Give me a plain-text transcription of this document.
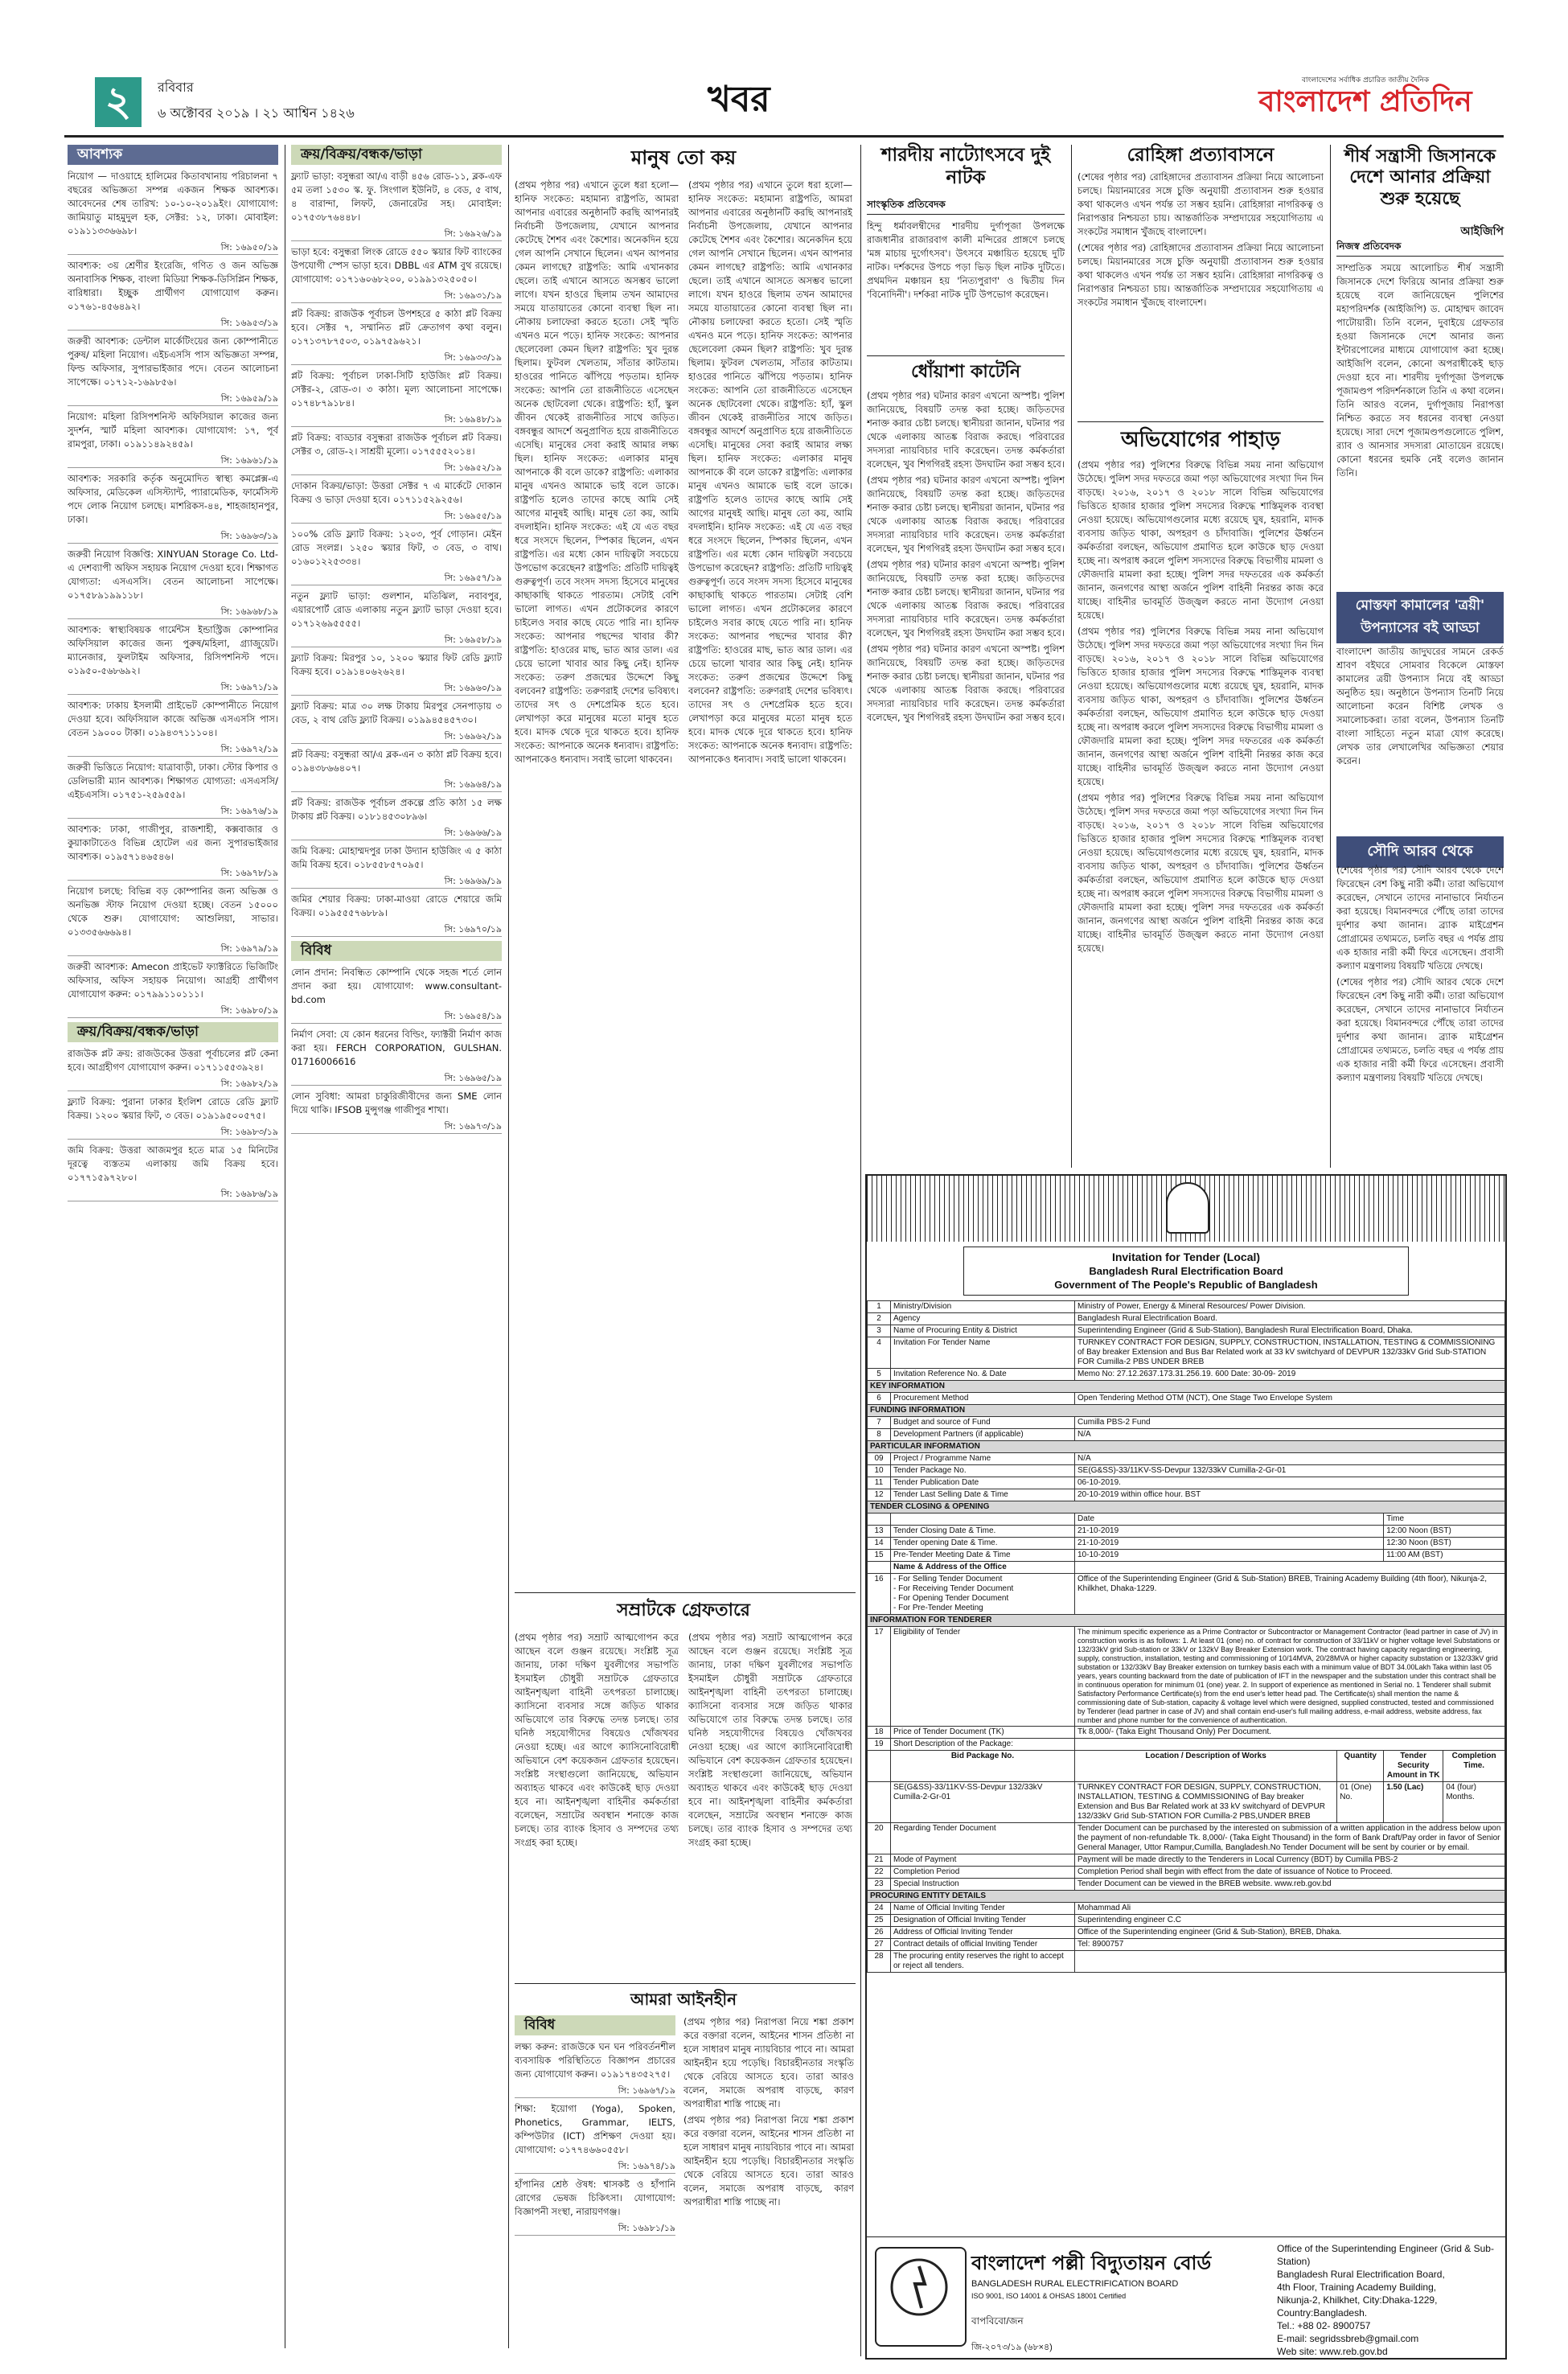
২	রবিবার
৬ অক্টোবর ২০১৯ । ২১ আশ্বিন ১৪২৬	খবর	বাংলাদেশের সর্বাধিক প্রচারিত জাতীয় দৈনিক
বাংলাদেশ প্রতিদিন
আবশ্যক

নিয়োগ — দাওয়াহে হালিমের কিতাবখানায় পরিচালনা ৭ বছরের অভিজ্ঞতা সম্পন্ন একজন শিক্ষক আবশ্যক। আবেদনের শেষ তারিখ: ১০-১০-২০১৯ইং। যোগাযোগ: জামিয়াতু মাহমুদুল হক, সেক্টর: ১২, ঢাকা। মোবাইল: ০১৯১১৩৩৬৬৯৮।

সি: ১৬৯৫০/১৯

আবশ্যক: ৩য় শ্রেণীর ইংরেজি, গণিত ও জন অভিজ্ঞ অনাবাসিক শিক্ষক, বাংলা মিডিয়া শিক্ষক-ডিসিপ্লিন শিক্ষক, বারিধারা। ইচ্ছুক প্রার্থীগণ যোগাযোগ করুন। ০১৭৬১-৪৫৬৪৯২।

সি: ১৬৯৫৩/১৯

জরুরী আবশ্যক: ডেন্টাল মার্কেটিংয়ের জন্য কোম্পানীতে পুরুষ/ মহিলা নিয়োগ। এইচএসসি পাস অভিজ্ঞতা সম্পন্ন, ফিল্ড অফিসার, সুপারভাইজার পদে। বেতন আলোচনা সাপেক্ষে। ০১৭১২-১৬৯৮৫৬।

সি: ১৬৯৫৯/১৯

নিয়োগ: মহিলা রিসিপশনিস্ট অফিসিয়াল কাজের জন্য সুদর্শন, স্মার্ট মহিলা আবশ্যক। যোগাযোগ: ১৭, পূর্ব রামপুরা, ঢাকা। ০১৯১১৪৯২৪৫৯।

সি: ১৬৯৬১/১৯

আবশ্যক: সরকারি কর্তৃক অনুমোদিত স্বাস্থ্য কমপ্লেক্স-এ অফিসার, মেডিকেল এসিস্ট্যান্ট, প্যারামেডিক, ফার্মেসিস্ট পদে লোক নিয়োগ চলছে। মাশরিকস-৪৪, শাহজাহানপুর, ঢাকা।

সি: ১৬৯৬৩/১৯

জরুরী নিয়োগ বিজ্ঞপ্তি: XINYUAN Storage Co. Ltd-এ দেশব্যাপী অফিস সহায়ক নিয়োগ দেওয়া হবে। শিক্ষাগত যোগ্যতা: এসএসসি। বেতন আলোচনা সাপেক্ষে। ০১৭৫৮৯১৯৯১১৮।

সি: ১৬৯৬৮/১৯

আবশ্যক: স্বাস্থ্যবিষয়ক গার্মেন্টস ইন্ডাস্ট্রিজ কোম্পানির অফিসিয়াল কাজের জন্য পুরুষ/মহিলা, গ্র্যাজুয়েট। ম্যানেজার, ফুলটাইম অফিসার, রিসিপশনিস্ট পদে। ০১৯৫০-৫৬৮৬৯২।

সি: ১৬৯৭১/১৯

আবশ্যক: ঢাকায় ইসলামী প্রাইভেট কোম্পানীতে নিয়োগ দেওয়া হবে। অফিসিয়াল কাজে অভিজ্ঞ এসএসসি পাস। বেতন ১৯০০০ টাকা। ০১৯৪৩৭১১১০৪।

সি: ১৬৯৭২/১৯

জরুরী ভিত্তিতে নিয়োগ: যাত্রাবাড়ী, ঢাকা। স্টোর কিপার ও ডেলিভারী ম্যান আবশ্যক। শিক্ষাগত যোগ্যতা: এসএসসি/এইচএসসি। ০১৭৫১-২৫৯৫৫৯।

সি: ১৬৯৭৬/১৯

আবশ্যক: ঢাকা, গাজীপুর, রাজশাহী, কক্সবাজার ও কুয়াকাটাতেও বিভিন্ন হোটেল এর জন্য সুপারভাইজার আবশ্যক। ০১৯৫৭১৪৬৫৪৬।

সি: ১৬৯৭৮/১৯

নিয়োগ চলছে: বিভিন্ন বড় কোম্পানির জন্য অভিজ্ঞ ও অনভিজ্ঞ স্টাফ নিয়োগ দেওয়া হচ্ছে। বেতন ১৫০০০ থেকে শুরু। যোগাযোগ: আশুলিয়া, সাভার। ০১৩৩৫৬৬৬৯৪।

সি: ১৬৯৭৯/১৯

জরুরী আবশ্যক: Amecon প্রাইভেট ফ্যাক্টরিতে ভিজিটিং অফিসার, অফিস সহায়ক নিয়োগ। আগ্রহী প্রার্থীগণ যোগাযোগ করুন: ০১৭৯৯১১০১১১।

সি: ১৬৯৮০/১৯
ক্রয়/বিক্রয়/বন্ধক/ভাড়া

রাজউক প্লট ক্রয়: রাজউকের উত্তরা পূর্বাচলের প্লট কেনা হবে। আগ্রহীগণ যোগাযোগ করুন। ০১৭১১৫৫৩৯২৪।

সি: ১৬৯৮২/১৯

ফ্ল্যাট বিক্রয়: পুরানা ঢাকার ইংলিশ রোডে রেডি ফ্ল্যাট বিক্রয়। ১২০০ স্কয়ার ফিট, ৩ বেড। ০১৯১৯৫০০৫৭৫।

সি: ১৬৯৮৩/১৯

জমি বিক্রয়: উত্তরা আজমপুর হতে মাত্র ১৫ মিনিটের দূরত্বে ব্যস্ততম এলাকায় জমি বিক্রয় হবে। ০১৭৭১৫৯৭২৮০।

সি: ১৬৯৮৬/১৯
ক্রয়/বিক্রয়/বন্ধক/ভাড়া

ফ্ল্যাট ভাড়া: বসুন্ধরা আ/এ বাড়ী ৪৫৬ রোড-১১, ব্লক-এফ ৫ম তলা ১৫৩০ স্ক. ফু. সিংগাল ইউনিট, ৪ বেড, ৫ বাথ, ৪ বারান্দা, লিফট, জেনারেটর সহ। মোবাইল: ০১৭৫৩৮৭৬৪৪৮।

সি: ১৬৯২৬/১৯

ভাড়া হবে: বসুন্ধরা লিংক রোডে ৫৫০ স্কয়ার ফিট ব্যাংকের উপযোগী স্পেস ভাড়া হবে। DBBL এর ATM বুথ রয়েছে। যোগাযোগ: ০১৭১৬০৬৮২০০, ০১৯৯১৩২৫০৫০।

সি: ১৬৯৩১/১৯

প্লট বিক্রয়: রাজউক পূর্বাচল উপশহরে ৫ কাঠা প্লট বিক্রয় হবে। সেক্টর ৭, সম্মানিত প্লট ক্রেতাগণ কথা বলুন। ০১৭১৩৭৮৭৫০৩, ০১৯৭৫৯৬২১।

সি: ১৬৯৩৩/১৯

প্লট বিক্রয়: পূর্বাচল ঢাকা-সিটি হাউজিং প্লট বিক্রয়। সেক্টর-২, রোড-৩। ৩ কাঠা। মূল্য আলোচনা সাপেক্ষে। ০১৭৪৮৭৯১৮৪।

সি: ১৬৯৪৮/১৯

প্লট বিক্রয়: বাড্ডার বসুন্ধরা রাজউক পূর্বাচল প্লট বিক্রয়। সেক্টর ৩, রোড-২। সাশ্রয়ী মূল্যে। ০১৭৫৫৫২০১৪।

সি: ১৬৯৫২/১৯

দোকান বিক্রয়/ভাড়া: উত্তরা সেক্টর ৭ এ মার্কেটে দোকান বিক্রয় ও ভাড়া দেওয়া হবে। ০১৭১১৫২৯২৫৬।

সি: ১৬৯৫৫/১৯

১০০% রেডি ফ্ল্যাট বিক্রয়: ১২০৩, পূর্ব গোড়ান। মেইন রোড সংলগ্ন। ১২৫০ স্কয়ার ফিট, ৩ বেড, ৩ বাথ। ০১৬০১২২৫৩৩৪।

সি: ১৬৯৫৭/১৯

নতুন ফ্ল্যাট ভাড়া: গুলশান, মতিঝিল, নবাবপুর, এয়ারপোর্ট রোড এলাকায় নতুন ফ্ল্যাট ভাড়া দেওয়া হবে। ০১৭১২৬৯৫৫৫৫।

সি: ১৬৯৫৮/১৯

ফ্ল্যাট বিক্রয়: মিরপুর ১০, ১২০০ স্কয়ার ফিট রেডি ফ্ল্যাট বিক্রয় হবে। ০১৯১৪০৬২৬২৪।

সি: ১৬৯৬০/১৯

ফ্ল্যাট বিক্রয়: মাত্র ৩০ লক্ষ টাকায় মিরপুর সেনপাড়ায় ৩ বেড, ২ বাথ রেডি ফ্ল্যাট বিক্রয়। ০১৯৯৪৫৪৫৭৩০।

সি: ১৬৯৬২/১৯

প্লট বিক্রয়: বসুন্ধরা আ/এ ব্লক-এন ৩ কাঠা প্লট বিক্রয় হবে। ০১৯৪৩৮৬৬৪০৭।

সি: ১৬৯৬৪/১৯

প্লট বিক্রয়: রাজউক পূর্বাচল প্রকল্পে প্রতি কাঠা ১৫ লক্ষ টাকায় প্লট বিক্রয়। ০১৮১৪৫৩০৮৯৬।

সি: ১৬৯৬৬/১৯

জমি বিক্রয়: মোহাম্মদপুর ঢাকা উদ্যান হাউজিং এ ৫ কাঠা জমি বিক্রয় হবে। ০১৮৫৫৮৫৭০৯৫।

সি: ১৬৯৬৯/১৯

জমির শেয়ার বিক্রয়: ঢাকা-মাওয়া রোডে শেয়ারে জমি বিক্রয়। ০১৯৫৫৫৭৬৮৮৯।

সি: ১৬৯৭০/১৯
বিবিধ

লোন প্রদান: নিবন্ধিত কোম্পানি থেকে সহজ শর্তে লোন প্রদান করা হয়। যোগাযোগ: www.consultant-bd.com

সি: ১৬৯৫৪/১৯

নির্মাণ সেবা: যে কোন ধরনের বিল্ডিং, ফ্যাক্টরী নির্মাণ কাজ করা হয়। FERCH CORPORATION, GULSHAN. 01716006616

সি: ১৬৯৬৫/১৯

লোন সুবিধা: আমরা চাকুরিজীবীদের জন্য SME লোন দিয়ে থাকি। IFSOB মুন্সুগঞ্জ গাজীপুর শাখা।

সি: ১৬৯৭৩/১৯
মানুষ তো কয়

(প্রথম পৃষ্ঠার পর) এখানে তুলে ধরা হলো— হানিফ সংকেত: মহামান্য রাষ্ট্রপতি, আমরা আপনার এবারের অনুষ্ঠানটি করছি আপনারই নির্বাচনী উপজেলায়, যেখানে আপনার কেটেছে শৈশব এবং কৈশোর। অনেকদিন হয়ে গেল আপনি সেখানে ছিলেন। এখন আপনার কেমন লাগছে? রাষ্ট্রপতি: আমি এখানকার ছেলে। তাই এখানে আসতে অসম্ভব ভালো লাগে। যখন হাওরে ছিলাম তখন আমাদের সময়ে যাতায়াতের কোনো ব্যবস্থা ছিল না। নৌকায় চলাফেরা করতে হতো। সেই স্মৃতি এখনও মনে পড়ে। হানিফ সংকেত: আপনার ছেলেবেলা কেমন ছিল? রাষ্ট্রপতি: খুব দুরন্ত ছিলাম। ফুটবল খেলতাম, সাঁতার কাটতাম। হাওরের পানিতে ঝাঁপিয়ে পড়তাম। হানিফ সংকেত: আপনি তো রাজনীতিতে এসেছেন অনেক ছোটবেলা থেকে। রাষ্ট্রপতি: হ্যাঁ, স্কুল জীবন থেকেই রাজনীতির সাথে জড়িত। বঙ্গবন্ধুর আদর্শে অনুপ্রাণিত হয়ে রাজনীতিতে এসেছি। মানুষের সেবা করাই আমার লক্ষ্য ছিল। হানিফ সংকেত: এলাকার মানুষ আপনাকে কী বলে ডাকে? রাষ্ট্রপতি: এলাকার মানুষ এখনও আমাকে ভাই বলে ডাকে। রাষ্ট্রপতি হলেও তাদের কাছে আমি সেই আগের মানুষই আছি। মানুষ তো কয়, আমি বদলাইনি। হানিফ সংকেত: এই যে এত বছর ধরে সংসদে ছিলেন, স্পিকার ছিলেন, এখন রাষ্ট্রপতি। এর মধ্যে কোন দায়িত্বটা সবচেয়ে উপভোগ করেছেন? রাষ্ট্রপতি: প্রতিটি দায়িত্বই গুরুত্বপূর্ণ। তবে সংসদ সদস্য হিসেবে মানুষের কাছাকাছি থাকতে পারতাম। সেটাই বেশি ভালো লাগত। এখন প্রটোকলের কারণে চাইলেও সবার কাছে যেতে পারি না। হানিফ সংকেত: আপনার পছন্দের খাবার কী? রাষ্ট্রপতি: হাওরের মাছ, ভাত আর ডাল। এর চেয়ে ভালো খাবার আর কিছু নেই। হানিফ সংকেত: তরুণ প্রজন্মের উদ্দেশে কিছু বলবেন? রাষ্ট্রপতি: তরুণরাই দেশের ভবিষ্যৎ। তাদের সৎ ও দেশপ্রেমিক হতে হবে। লেখাপড়া করে মানুষের মতো মানুষ হতে হবে। মাদক থেকে দূরে থাকতে হবে। হানিফ সংকেত: আপনাকে অনেক ধন্যবাদ। রাষ্ট্রপতি: আপনাকেও ধন্যবাদ। সবাই ভালো থাকবেন।

(প্রথম পৃষ্ঠার পর) এখানে তুলে ধরা হলো— হানিফ সংকেত: মহামান্য রাষ্ট্রপতি, আমরা আপনার এবারের অনুষ্ঠানটি করছি আপনারই নির্বাচনী উপজেলায়, যেখানে আপনার কেটেছে শৈশব এবং কৈশোর। অনেকদিন হয়ে গেল আপনি সেখানে ছিলেন। এখন আপনার কেমন লাগছে? রাষ্ট্রপতি: আমি এখানকার ছেলে। তাই এখানে আসতে অসম্ভব ভালো লাগে। যখন হাওরে ছিলাম তখন আমাদের সময়ে যাতায়াতের কোনো ব্যবস্থা ছিল না। নৌকায় চলাফেরা করতে হতো। সেই স্মৃতি এখনও মনে পড়ে। হানিফ সংকেত: আপনার ছেলেবেলা কেমন ছিল? রাষ্ট্রপতি: খুব দুরন্ত ছিলাম। ফুটবল খেলতাম, সাঁতার কাটতাম। হাওরের পানিতে ঝাঁপিয়ে পড়তাম। হানিফ সংকেত: আপনি তো রাজনীতিতে এসেছেন অনেক ছোটবেলা থেকে। রাষ্ট্রপতি: হ্যাঁ, স্কুল জীবন থেকেই রাজনীতির সাথে জড়িত। বঙ্গবন্ধুর আদর্শে অনুপ্রাণিত হয়ে রাজনীতিতে এসেছি। মানুষের সেবা করাই আমার লক্ষ্য ছিল। হানিফ সংকেত: এলাকার মানুষ আপনাকে কী বলে ডাকে? রাষ্ট্রপতি: এলাকার মানুষ এখনও আমাকে ভাই বলে ডাকে। রাষ্ট্রপতি হলেও তাদের কাছে আমি সেই আগের মানুষই আছি। মানুষ তো কয়, আমি বদলাইনি। হানিফ সংকেত: এই যে এত বছর ধরে সংসদে ছিলেন, স্পিকার ছিলেন, এখন রাষ্ট্রপতি। এর মধ্যে কোন দায়িত্বটা সবচেয়ে উপভোগ করেছেন? রাষ্ট্রপতি: প্রতিটি দায়িত্বই গুরুত্বপূর্ণ। তবে সংসদ সদস্য হিসেবে মানুষের কাছাকাছি থাকতে পারতাম। সেটাই বেশি ভালো লাগত। এখন প্রটোকলের কারণে চাইলেও সবার কাছে যেতে পারি না। হানিফ সংকেত: আপনার পছন্দের খাবার কী? রাষ্ট্রপতি: হাওরের মাছ, ভাত আর ডাল। এর চেয়ে ভালো খাবার আর কিছু নেই। হানিফ সংকেত: তরুণ প্রজন্মের উদ্দেশে কিছু বলবেন? রাষ্ট্রপতি: তরুণরাই দেশের ভবিষ্যৎ। তাদের সৎ ও দেশপ্রেমিক হতে হবে। লেখাপড়া করে মানুষের মতো মানুষ হতে হবে। মাদক থেকে দূরে থাকতে হবে। হানিফ সংকেত: আপনাকে অনেক ধন্যবাদ। রাষ্ট্রপতি: আপনাকেও ধন্যবাদ। সবাই ভালো থাকবেন।

সম্রাটকে গ্রেফতারে

(প্রথম পৃষ্ঠার পর) সম্রাট আত্মগোপন করে আছেন বলে গুঞ্জন রয়েছে। সংশ্লিষ্ট সূত্র জানায়, ঢাকা দক্ষিণ যুবলীগের সভাপতি ইসমাইল চৌধুরী সম্রাটকে গ্রেফতারে আইনশৃঙ্খলা বাহিনী তৎপরতা চালাচ্ছে। ক্যাসিনো ব্যবসার সঙ্গে জড়িত থাকার অভিযোগে তার বিরুদ্ধে তদন্ত চলছে। তার ঘনিষ্ঠ সহযোগীদের বিষয়েও খোঁজখবর নেওয়া হচ্ছে। এর আগে ক্যাসিনোবিরোধী অভিযানে বেশ কয়েকজন গ্রেফতার হয়েছেন। সংশ্লিষ্ট সংস্থাগুলো জানিয়েছে, অভিযান অব্যাহত থাকবে এবং কাউকেই ছাড় দেওয়া হবে না। আইনশৃঙ্খলা বাহিনীর কর্মকর্তারা বলেছেন, সম্রাটের অবস্থান শনাক্তে কাজ চলছে। তার ব্যাংক হিসাব ও সম্পদের তথ্য সংগ্রহ করা হচ্ছে।

(প্রথম পৃষ্ঠার পর) সম্রাট আত্মগোপন করে আছেন বলে গুঞ্জন রয়েছে। সংশ্লিষ্ট সূত্র জানায়, ঢাকা দক্ষিণ যুবলীগের সভাপতি ইসমাইল চৌধুরী সম্রাটকে গ্রেফতারে আইনশৃঙ্খলা বাহিনী তৎপরতা চালাচ্ছে। ক্যাসিনো ব্যবসার সঙ্গে জড়িত থাকার অভিযোগে তার বিরুদ্ধে তদন্ত চলছে। তার ঘনিষ্ঠ সহযোগীদের বিষয়েও খোঁজখবর নেওয়া হচ্ছে। এর আগে ক্যাসিনোবিরোধী অভিযানে বেশ কয়েকজন গ্রেফতার হয়েছেন। সংশ্লিষ্ট সংস্থাগুলো জানিয়েছে, অভিযান অব্যাহত থাকবে এবং কাউকেই ছাড় দেওয়া হবে না। আইনশৃঙ্খলা বাহিনীর কর্মকর্তারা বলেছেন, সম্রাটের অবস্থান শনাক্তে কাজ চলছে। তার ব্যাংক হিসাব ও সম্পদের তথ্য সংগ্রহ করা হচ্ছে।

আমরা আইনহীন

(প্রথম পৃষ্ঠার পর) নিরাপত্তা নিয়ে শঙ্কা প্রকাশ করে বক্তারা বলেন, আইনের শাসন প্রতিষ্ঠা না হলে সাধারণ মানুষ ন্যায়বিচার পাবে না। আমরা আইনহীন হয়ে পড়েছি। বিচারহীনতার সংস্কৃতি থেকে বেরিয়ে আসতে হবে। তারা আরও বলেন, সমাজে অপরাধ বাড়ছে, কারণ অপরাধীরা শাস্তি পাচ্ছে না।

(প্রথম পৃষ্ঠার পর) নিরাপত্তা নিয়ে শঙ্কা প্রকাশ করে বক্তারা বলেন, আইনের শাসন প্রতিষ্ঠা না হলে সাধারণ মানুষ ন্যায়বিচার পাবে না। আমরা আইনহীন হয়ে পড়েছি। বিচারহীনতার সংস্কৃতি থেকে বেরিয়ে আসতে হবে। তারা আরও বলেন, সমাজে অপরাধ বাড়ছে, কারণ অপরাধীরা শাস্তি পাচ্ছে না।

বিবিধ

লক্ষ্য করুন: রাজউকে ঘন ঘন পরিবর্তনশীল ব্যবসায়িক পরিস্থিতিতে বিজ্ঞাপন প্রচারের জন্য যোগাযোগ করুন। ০১৯১৭৪৩৫২৭৫।

সি: ১৬৯৬৭/১৯

শিক্ষা: ইয়োগা (Yoga), Spoken, Phonetics, Grammar, IELTS, কম্পিউটার (ICT) প্রশিক্ষণ দেওয়া হয়। যোগাযোগ: ০১৭৭৪৬৬০৫৫৮।

সি: ১৬৯৭৪/১৯

হাঁপানির শ্রেষ্ঠ ঔষধ: শ্বাসকষ্ট ও হাঁপানি রোগের ভেষজ চিকিৎসা। যোগাযোগ: বিজ্ঞাপনী সংস্থা, নারায়ণগঞ্জ।

সি: ১৬৯৮১/১৯
শারদীয় নাট্যোৎসবে দুই নাটক
সাংস্কৃতিক প্রতিবেদক

হিন্দু ধর্মাবলম্বীদের শারদীয় দুর্গাপূজা উপলক্ষে রাজধানীর রাজারবাগ কালী মন্দিরের প্রাঙ্গণে চলছে 'মঙ্গ মাচায় দুর্গোৎসব'। উৎসবে মঞ্চায়িত হয়েছে দুটি নাটক। দর্শকদের উপচে পড়া ভিড় ছিল নাটক দুটিতে। প্রথমদিন মঞ্চায়ন হয় 'নিত্যপুরাণ' ও দ্বিতীয় দিন 'বিনোদিনী'। দর্শকরা নাটক দুটি উপভোগ করেছেন।

ধোঁয়াশা কাটেনি

(প্রথম পৃষ্ঠার পর) ঘটনার কারণ এখনো অস্পষ্ট। পুলিশ জানিয়েছে, বিষয়টি তদন্ত করা হচ্ছে। জড়িতদের শনাক্ত করার চেষ্টা চলছে। স্থানীয়রা জানান, ঘটনার পর থেকে এলাকায় আতঙ্ক বিরাজ করছে। পরিবারের সদস্যরা ন্যায়বিচার দাবি করেছেন। তদন্ত কর্মকর্তারা বলেছেন, খুব শিগগিরই রহস্য উদঘাটন করা সম্ভব হবে।

(প্রথম পৃষ্ঠার পর) ঘটনার কারণ এখনো অস্পষ্ট। পুলিশ জানিয়েছে, বিষয়টি তদন্ত করা হচ্ছে। জড়িতদের শনাক্ত করার চেষ্টা চলছে। স্থানীয়রা জানান, ঘটনার পর থেকে এলাকায় আতঙ্ক বিরাজ করছে। পরিবারের সদস্যরা ন্যায়বিচার দাবি করেছেন। তদন্ত কর্মকর্তারা বলেছেন, খুব শিগগিরই রহস্য উদঘাটন করা সম্ভব হবে।

(প্রথম পৃষ্ঠার পর) ঘটনার কারণ এখনো অস্পষ্ট। পুলিশ জানিয়েছে, বিষয়টি তদন্ত করা হচ্ছে। জড়িতদের শনাক্ত করার চেষ্টা চলছে। স্থানীয়রা জানান, ঘটনার পর থেকে এলাকায় আতঙ্ক বিরাজ করছে। পরিবারের সদস্যরা ন্যায়বিচার দাবি করেছেন। তদন্ত কর্মকর্তারা বলেছেন, খুব শিগগিরই রহস্য উদঘাটন করা সম্ভব হবে।

(প্রথম পৃষ্ঠার পর) ঘটনার কারণ এখনো অস্পষ্ট। পুলিশ জানিয়েছে, বিষয়টি তদন্ত করা হচ্ছে। জড়িতদের শনাক্ত করার চেষ্টা চলছে। স্থানীয়রা জানান, ঘটনার পর থেকে এলাকায় আতঙ্ক বিরাজ করছে। পরিবারের সদস্যরা ন্যায়বিচার দাবি করেছেন। তদন্ত কর্মকর্তারা বলেছেন, খুব শিগগিরই রহস্য উদঘাটন করা সম্ভব হবে।

রোহিঙ্গা প্রত্যাবাসনে

(শেষের পৃষ্ঠার পর) রোহিঙ্গাদের প্রত্যাবাসন প্রক্রিয়া নিয়ে আলোচনা চলছে। মিয়ানমারের সঙ্গে চুক্তি অনুযায়ী প্রত্যাবাসন শুরু হওয়ার কথা থাকলেও এখন পর্যন্ত তা সম্ভব হয়নি। রোহিঙ্গারা নাগরিকত্ব ও নিরাপত্তার নিশ্চয়তা চায়। আন্তর্জাতিক সম্প্রদায়ের সহযোগিতায় এ সংকটের সমাধান খুঁজছে বাংলাদেশ।

(শেষের পৃষ্ঠার পর) রোহিঙ্গাদের প্রত্যাবাসন প্রক্রিয়া নিয়ে আলোচনা চলছে। মিয়ানমারের সঙ্গে চুক্তি অনুযায়ী প্রত্যাবাসন শুরু হওয়ার কথা থাকলেও এখন পর্যন্ত তা সম্ভব হয়নি। রোহিঙ্গারা নাগরিকত্ব ও নিরাপত্তার নিশ্চয়তা চায়। আন্তর্জাতিক সম্প্রদায়ের সহযোগিতায় এ সংকটের সমাধান খুঁজছে বাংলাদেশ।

অভিযোগের পাহাড়

(প্রথম পৃষ্ঠার পর) পুলিশের বিরুদ্ধে বিভিন্ন সময় নানা অভিযোগ উঠেছে। পুলিশ সদর দফতরে জমা পড়া অভিযোগের সংখ্যা দিন দিন বাড়ছে। ২০১৬, ২০১৭ ও ২০১৮ সালে বিভিন্ন অভিযোগের ভিত্তিতে হাজার হাজার পুলিশ সদস্যের বিরুদ্ধে শাস্তিমূলক ব্যবস্থা নেওয়া হয়েছে। অভিযোগগুলোর মধ্যে রয়েছে ঘুষ, হয়রানি, মাদক ব্যবসায় জড়িত থাকা, অপহরণ ও চাঁদাবাজি। পুলিশের ঊর্ধ্বতন কর্মকর্তারা বলছেন, অভিযোগ প্রমাণিত হলে কাউকে ছাড় দেওয়া হচ্ছে না। অপরাধ করলে পুলিশ সদস্যদের বিরুদ্ধে বিভাগীয় মামলা ও ফৌজদারি মামলা করা হচ্ছে। পুলিশ সদর দফতরের এক কর্মকর্তা জানান, জনগণের আস্থা অর্জনে পুলিশ বাহিনী নিরন্তর কাজ করে যাচ্ছে। বাহিনীর ভাবমূর্তি উজ্জ্বল করতে নানা উদ্যোগ নেওয়া হয়েছে।

(প্রথম পৃষ্ঠার পর) পুলিশের বিরুদ্ধে বিভিন্ন সময় নানা অভিযোগ উঠেছে। পুলিশ সদর দফতরে জমা পড়া অভিযোগের সংখ্যা দিন দিন বাড়ছে। ২০১৬, ২০১৭ ও ২০১৮ সালে বিভিন্ন অভিযোগের ভিত্তিতে হাজার হাজার পুলিশ সদস্যের বিরুদ্ধে শাস্তিমূলক ব্যবস্থা নেওয়া হয়েছে। অভিযোগগুলোর মধ্যে রয়েছে ঘুষ, হয়রানি, মাদক ব্যবসায় জড়িত থাকা, অপহরণ ও চাঁদাবাজি। পুলিশের ঊর্ধ্বতন কর্মকর্তারা বলছেন, অভিযোগ প্রমাণিত হলে কাউকে ছাড় দেওয়া হচ্ছে না। অপরাধ করলে পুলিশ সদস্যদের বিরুদ্ধে বিভাগীয় মামলা ও ফৌজদারি মামলা করা হচ্ছে। পুলিশ সদর দফতরের এক কর্মকর্তা জানান, জনগণের আস্থা অর্জনে পুলিশ বাহিনী নিরন্তর কাজ করে যাচ্ছে। বাহিনীর ভাবমূর্তি উজ্জ্বল করতে নানা উদ্যোগ নেওয়া হয়েছে।

(প্রথম পৃষ্ঠার পর) পুলিশের বিরুদ্ধে বিভিন্ন সময় নানা অভিযোগ উঠেছে। পুলিশ সদর দফতরে জমা পড়া অভিযোগের সংখ্যা দিন দিন বাড়ছে। ২০১৬, ২০১৭ ও ২০১৮ সালে বিভিন্ন অভিযোগের ভিত্তিতে হাজার হাজার পুলিশ সদস্যের বিরুদ্ধে শাস্তিমূলক ব্যবস্থা নেওয়া হয়েছে। অভিযোগগুলোর মধ্যে রয়েছে ঘুষ, হয়রানি, মাদক ব্যবসায় জড়িত থাকা, অপহরণ ও চাঁদাবাজি। পুলিশের ঊর্ধ্বতন কর্মকর্তারা বলছেন, অভিযোগ প্রমাণিত হলে কাউকে ছাড় দেওয়া হচ্ছে না। অপরাধ করলে পুলিশ সদস্যদের বিরুদ্ধে বিভাগীয় মামলা ও ফৌজদারি মামলা করা হচ্ছে। পুলিশ সদর দফতরের এক কর্মকর্তা জানান, জনগণের আস্থা অর্জনে পুলিশ বাহিনী নিরন্তর কাজ করে যাচ্ছে। বাহিনীর ভাবমূর্তি উজ্জ্বল করতে নানা উদ্যোগ নেওয়া হয়েছে।

শীর্ষ সন্ত্রাসী জিসানকে দেশে আনার প্রক্রিয়া শুরু হয়েছে
আইজিপি
নিজস্ব প্রতিবেদক

সাম্প্রতিক সময়ে আলোচিত শীর্ষ সন্ত্রাসী জিসানকে দেশে ফিরিয়ে আনার প্রক্রিয়া শুরু হয়েছে বলে জানিয়েছেন পুলিশের মহাপরিদর্শক (আইজিপি) ড. মোহাম্মদ জাবেদ পাটোয়ারী। তিনি বলেন, দুবাইয়ে গ্রেফতার হওয়া জিসানকে দেশে আনার জন্য ইন্টারপোলের মাধ্যমে যোগাযোগ করা হচ্ছে। আইজিপি বলেন, কোনো অপরাধীকেই ছাড় দেওয়া হবে না। শারদীয় দুর্গাপূজা উপলক্ষে পূজামণ্ডপ পরিদর্শনকালে তিনি এ কথা বলেন। তিনি আরও বলেন, দুর্গাপূজায় নিরাপত্তা নিশ্চিত করতে সব ধরনের ব্যবস্থা নেওয়া হয়েছে। সারা দেশে পূজামণ্ডপগুলোতে পুলিশ, র‍্যাব ও আনসার সদস্যরা মোতায়েন রয়েছে। কোনো ধরনের হুমকি নেই বলেও জানান তিনি।

মোস্তফা কামালের 'ত্রয়ী' উপন্যাসের বই আড্ডা

বাংলাদেশ জাতীয় জাদুঘরের সামনে রেকর্ড শ্রাবণ বইঘরে সোমবার বিকেলে মোস্তফা কামালের ত্রয়ী উপন্যাস নিয়ে বই আড্ডা অনুষ্ঠিত হয়। অনুষ্ঠানে উপন্যাস তিনটি নিয়ে আলোচনা করেন বিশিষ্ট লেখক ও সমালোচকরা। তারা বলেন, উপন্যাস তিনটি বাংলা সাহিত্যে নতুন মাত্রা যোগ করেছে। লেখক তার লেখালেখির অভিজ্ঞতা শেয়ার করেন।

সৌদি আরব থেকে

(শেষের পৃষ্ঠার পর) সৌদি আরব থেকে দেশে ফিরেছেন বেশ কিছু নারী কর্মী। তারা অভিযোগ করেছেন, সেখানে তাদের নানাভাবে নির্যাতন করা হয়েছে। বিমানবন্দরে পৌঁছে তারা তাদের দুর্দশার কথা জানান। ব্র্যাক মাইগ্রেশন প্রোগ্রামের তথ্যমতে, চলতি বছর এ পর্যন্ত প্রায় এক হাজার নারী কর্মী ফিরে এসেছেন। প্রবাসী কল্যাণ মন্ত্রণালয় বিষয়টি খতিয়ে দেখছে।

(শেষের পৃষ্ঠার পর) সৌদি আরব থেকে দেশে ফিরেছেন বেশ কিছু নারী কর্মী। তারা অভিযোগ করেছেন, সেখানে তাদের নানাভাবে নির্যাতন করা হয়েছে। বিমানবন্দরে পৌঁছে তারা তাদের দুর্দশার কথা জানান। ব্র্যাক মাইগ্রেশন প্রোগ্রামের তথ্যমতে, চলতি বছর এ পর্যন্ত প্রায় এক হাজার নারী কর্মী ফিরে এসেছেন। প্রবাসী কল্যাণ মন্ত্রণালয় বিষয়টি খতিয়ে দেখছে।

Invitation for Tender (Local)
Bangladesh Rural Electrification Board
Government of The People's Republic of Bangladesh
1	Ministry/Division	Ministry of Power, Energy & Mineral Resources/ Power Division.			
2	Agency	Bangladesh Rural Electrification Board.			
3	Name of Procuring Entity & District	Superintending Engineer (Grid & Sub-Station), Bangladesh Rural Electrification Board, Dhaka.			
4	Invitation For Tender Name	TURNKEY CONTRACT FOR DESIGN, SUPPLY, CONSTRUCTION, INSTALLATION, TESTING & COMMISSIONING of Bay breaker Extension and Bus Bar Related work at 33 kV switchyard of DEVPUR 132/33kV Grid Sub-STATION FOR Cumilla-2 PBS UNDER BREB			
5	Invitation Reference No. & Date	Memo No: 27.12.2637.173.31.256.19. 600 Date: 30-09- 2019			
KEY INFORMATION					
6	Procurement Method	Open Tendering Method OTM (NCT), One Stage Two Envelope System			
FUNDING INFORMATION					
7	Budget and source of Fund	Cumilla PBS-2 Fund			
8	Development Partners (if applicable)	N/A			
PARTICULAR INFORMATION					
09	Project / Programme Name	N/A			
10	Tender Package No.	SE(G&SS)-33/11KV-SS-Devpur 132/33kV Cumilla-2-Gr-01			
11	Tender Publication Date	06-10-2019.			
12	Tender Last Selling Date & Time	20-10-2019 within office hour. BST			
TENDER CLOSING & OPENING					
		Date		Time	
13	Tender Closing Date & Time.	21-10-2019		12:00 Noon (BST)	
14	Tender opening Date & Time.	21-10-2019		12:30 Noon (BST)	
15	Pre-Tender Meeting Date & Time	10-10-2019		11:00 AM (BST)	
	Name & Address of the Office				
16	- For Selling Tender Document
- For Receiving Tender Document
- For Opening Tender Document
- For Pre-Tender Meeting	Office of the Superintending Engineer (Grid & Sub-Station) BREB, Training Academy Building (4th floor), Nikunja-2, Khilkhet, Dhaka-1229.			
INFORMATION FOR TENDERER					
17	Eligibility of Tender	The minimum specific experience as a Prime Contractor or Subcontractor or Management Contractor (lead partner in case of JV) in construction works is as follows: 1. At least 01 (one) no. of contract for construction of 33/11kV or higher voltage level Substations or 132/33kV grid Sub-station or 33kV or 132kV Bay Breaker Extension work. The contract having capacity regarding engineering, supply, construction, installation, testing and commissioning of 10/14MVA, 20/28MVA or higher capacity substation or 132/33kV grid substation or 132/33kV Bay Breaker extension on turnkey basis each with a minimum value of BDT 34.00Lakh Taka within last 05 years, years counting backward from the date of publication of IFT in the newspaper and the substation under this contract shall be in continuous operation for minimum 01 (one) year. 2. In support of experience as mentioned in Serial no. 1 Tenderer shall submit Satisfactory Performance Certificate(s) from the end user's letter head pad. The Certificate(s) shall mention the name & commissioning date of Sub-station, capacity & voltage level which were designed, supplied constructed, tested and commissioned by Tenderer (lead partner in case of JV) and shall contain end-user's full mailing address, e-mail address, website address, fax number and phone number for the convenience of authentication.			
18	Price of Tender Document (TK)	Tk 8,000/- (Taka Eight Thousand Only) Per Document.			
19	Short Description of the Package:				
	Bid Package No.	Location / Description of Works	Quantity	Tender Security Amount in TK	Completion Time.
	SE(G&SS)-33/11KV-SS-Devpur 132/33kV Cumilla-2-Gr-01	TURNKEY CONTRACT FOR DESIGN, SUPPLY, CONSTRUCTION, INSTALLATION, TESTING & COMMISSIONING of Bay breaker Extension and Bus Bar Related work at 33 kV switchyard of DEVPUR 132/33kV Grid Sub-STATION FOR Cumilla-2 PBS,UNDER BREB	01 (One) No.	1.50 (Lac)	04 (four) Months.
20	Regarding Tender Document	Tender Document can be purchased by the interested on submission of a written application in the address below upon the payment of non-refundable Tk. 8,000/- (Taka Eight Thousand) in the form of Bank Draft/Pay order in favor of Senior General Manager, Uttor Rampur,Cumilla, Bangladesh.No Tender Document will be sent by courier or by email.			
21	Mode of Payment	Payment will be made directly to the Tenderers in Local Currency (BDT) by Cumilla PBS-2			
22	Completion Period	Completion Period shall begin with effect from the date of issuance of Notice to Proceed.			
23	Special Instruction	Tender Document can be viewed in the BREB website. www.reb.gov.bd			
PROCURING ENTITY DETAILS					
24	Name of Official Inviting Tender	Mohammad Ali			
25	Designation of Official Inviting Tender	Superintending engineer C.C			
26	Address of Official Inviting Tender	Office of the Superintending engineer (Grid & Sub-Station), BREB, Dhaka.			
27	Contract details of official Inviting Tender	Tel: 8900757			
28	The procuring entity reserves the right to accept or reject all tenders.				
বাংলাদেশ পল্লী বিদ্যুতায়ন বোর্ড
BANGLADESH RURAL ELECTRIFICATION BOARD
ISO 9001, ISO 14001 & OHSAS 18001 Certified
বাপবিবো/জন
জি-২০৭৩/১৯ (৬৮×৪)
Office of the Superintending Engineer (Grid & Sub-Station)
Bangladesh Rural Electrification Board,
4th Floor, Training Academy Building,
Nikunja-2, Khilkhet, City:Dhaka-1229,
Country:Bangladesh.
Tel.: +88 02- 8900757
E-mail: segridssbreb@gmail.com
Web site: www.reb.gov.bd
